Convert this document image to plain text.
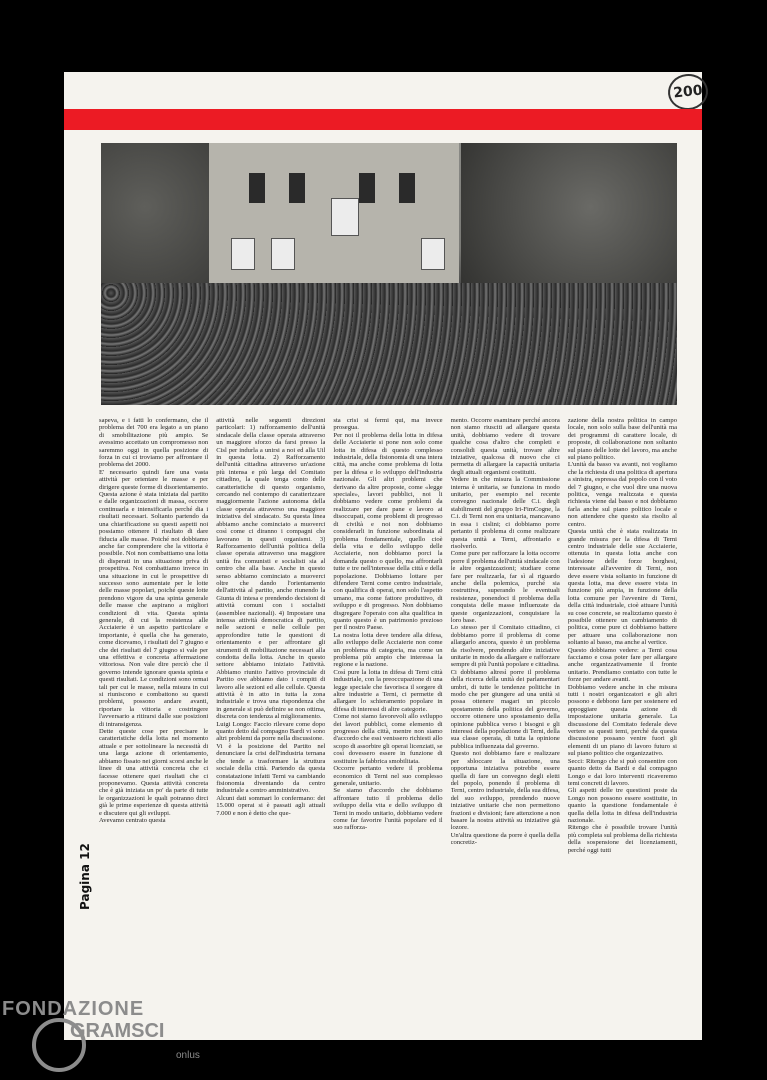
200
sapeva, e i fatti lo confermano, che il problema dei 700 era legato a un piano di smobilitazione più ampio. Se avessimo accettato un compromesso non saremmo oggi in quella posizione di forza in cui ci troviamo per affrontare il problema dei 2000.
E' necessario quindi fare una vasta attività per orientare le masse e per dirigere queste forme di disorientamento. Questa azione è stata iniziata dal partito e dalle organizzazioni di massa, occorre continuarla e intensificarla perché dia i risultati necessari. Soltanto partendo da una chiarificazione su questi aspetti noi possiamo ottenere il risultato di dare fiducia alle masse. Poiché noi dobbiamo anche far comprendere che la vittoria è possibile. Noi non combattiamo una lotta di disperati in una situazione priva di prospettiva. Noi combattiamo invece in una situazione in cui le prospettive di successo sono aumentate per le lotte delle masse popolari, poiché queste lotte prendono vigore da una spinta generale delle masse che aspirano a migliori condizioni di vita. Questa spinta generale, di cui la resistenza alle Acciaierie è un aspetto particolare e importante, è quella che ha generato, come dicevamo, i risultati del 7 giugno e che dei risultati del 7 giugno si vale per una effettiva e concreta affermazione vittoriosa. Non vale dire perciò che il governo intende ignorare questa spinta e questi risultati. Le condizioni sono ormai tali per cui le masse, nella misura in cui si riuniscono e combattono su questi problemi, possono andare avanti, riportare la vittoria e costringere l'avversario a ritirarsi dalle sue posizioni di intransigenza.
Dette queste cose per precisare le caratteristiche della lotta nel momento attuale e per sottolineare la necessità di una larga azione di orientamento, abbiamo fissato nei giorni scorsi anche le linee di una attività concreta che ci facesse ottenere quei risultati che ci proponevamo. Questa attività concreta che è già iniziata un po' da parte di tutte le organizzazioni le quali potranno dirci già le prime esperienze di questa attività e discutere qui gli sviluppi.
Avevamo centrato questa
attività nelle seguenti direzioni particolari: 1) rafforzamento dell'unità sindacale della classe operaia attraverso un maggiore sforzo da farsi presso la Cisl per indurla a unirsi a noi ed alla Uil in questa lotta. 2) Rafforzamento dell'unità cittadina attraverso un'azione più intensa e più larga del Comitato cittadino, la quale tenga conto delle caratteristiche di questo organismo, cercando nel contempo di caratterizzare maggiormente l'azione autonoma della classe operaia attraverso una maggiore iniziativa del sindacato. Su questa linea abbiamo anche cominciato a muoverci così come ci diranno i compagni che lavorano in questi organismi. 3) Rafforzamento dell'unità politica della classe operaia attraverso una maggiore unità fra comunisti e socialisti sia al centro che alla base. Anche in questo senso abbiamo cominciato a muoverci oltre che dando l'orientamento dell'attività al partito, anche riunendo la Giunta di intesa e prendendo decisioni di attività comuni con i socialisti (assemblee nazionali). 4) Impostare una intensa attività democratica di partito, nelle sezioni e nelle cellule per approfondire tutte le questioni di orientamento e per affrontare gli strumenti di mobilitazione necessari alla condotta della lotta. Anche in questo settore abbiamo iniziato l'attività. Abbiamo riunito l'attivo provinciale di Partito ove abbiamo dato i compiti di lavoro alle sezioni ed alle cellule. Questa attività è in atto in tutta la zona industriale e trova una rispondenza che in generale si può definire se non ottima, discreta con tendenza al miglioramento.
Luigi Longo: Faccio rilevare come dopo quanto detto dal compagno Bardi vi sono altri problemi da porre nella discussione.
Vi è la posizione del Partito nel denunciare la crisi dell'industria ternana che tende a trasformare la struttura sociale della città. Partendo da questa constatazione infatti Terni va cambiando fisionomia diventando da centro industriale a centro amministrativo.
Alcuni dati sommari lo confermano: dei 15.000 operai si è passati agli attuali 7.000 e non è detto che que-
sta crisi si fermi qui, ma invece prosegua.
Per noi il problema della lotta in difesa delle Acciaierie si pone non solo come lotta in difesa di questo complesso industriale, della fisionomia di una intera città, ma anche come problema di lotta per la difesa e lo sviluppo dell'industria nazionale. Gli altri problemi che derivano da altre proposte, come «legge speciale», lavori pubblici, noi li dobbiamo vedere come problemi da realizzare per dare pane e lavoro ai disoccupati, come problemi di progresso di civiltà e noi non dobbiamo considerarli in funzione subordinata al problema fondamentale, quello cioè della vita e dello sviluppo delle Acciaierie, non dobbiamo porci la domanda questo o quello, ma affrontarli tutte e tre nell'interesse della città e della popolazione. Dobbiamo lottare per difendere Terni come centro industriale, con qualifica di operai, non solo l'aspetto umano, ma come fattore produttivo, di sviluppo e di progresso. Non dobbiamo disgregare l'operaio con alta qualifica in quanto questo è un patrimonio prezioso per il nostro Paese.
La nostra lotta deve tendere alla difesa, allo sviluppo delle Acciaierie non come un problema di categoria, ma come un problema più ampio che interessa la regione e la nazione.
Così pure la lotta in difesa di Terni città industriale, con la preoccupazione di una legge speciale che favorisca il sorgere di altre industrie a Terni, ci permette di allargare lo schieramento popolare in difesa di interessi di altre categorie.
Come noi siamo favorevoli allo sviluppo dei lavori pubblici, come elemento di progresso della città, mentre non siamo d'accordo che essi venissero richiesti allo scopo di assorbire gli operai licenziati, se così dovessero essere in funzione di sostituire la fabbrica smobilitata.
Occorre pertanto vedere il problema economico di Terni nel suo complesso generale, unitario.
Se siamo d'accordo che dobbiamo affrontare tutto il problema dello sviluppo della vita e dello sviluppo di Terni in modo unitario, dobbiamo vedere come far favorire l'unità popolare ed il suo rafforza-
mento. Occorre esaminare perché ancora non siamo riusciti ad allargare questa unità, dobbiamo vedere di trovare qualche cosa d'altro che completi e consolidi questa unità, trovare altre iniziative, qualcosa di nuovo che ci permetta di allargare la capacità unitaria degli attuali organismi costituiti.
Vedere in che misura la Commissione interna è unitaria, se funziona in modo unitario, per esempio nel recente convegno nazionale delle C.i. degli stabilimenti del gruppo Iri-FimCogne, la C.i. di Terni non era unitaria, mancavano in essa i cislini; ci dobbiamo porre pertanto il problema di come realizzare questa unità a Terni, affrontarlo e risolverlo.
Come pure per rafforzare la lotta occorre porre il problema dell'unità sindacale con le altre organizzazioni; studiare come fare per realizzarla, far sì al riguardo anche della polemica, purché sia costruttiva, superando le eventuali resistenze, ponendoci il problema della conquista delle masse influenzate da queste organizzazioni, conquistare la loro base.
Lo stesso per il Comitato cittadino, ci dobbiamo porre il problema di come allargarlo ancora, questo è un problema da risolvere, prendendo altre iniziative unitarie in modo da allargare e rafforzare sempre di più l'unità popolare e cittadina.
Ci dobbiamo altresì porre il problema della ricerca della unità dei parlamentari umbri, di tutte le tendenze politiche in modo che per giungere ad una unità si possa ottenere magari un piccolo spostamento della politica del governo, occorre ottenere uno spostamento della opinione pubblica verso i bisogni e gli interessi della popolazione di Terni, della sua classe operaia, di tutta la opinione pubblica influenzata dal governo.
Questo noi dobbiamo fare e realizzare per sbloccare la situazione, una opportuna iniziativa potrebbe essere quella di fare un convegno degli eletti del popolo, ponendo il problema di Terni, centro industriale, della sua difesa, del suo sviluppo, prendendo nuove iniziative unitarie che non permettono frazioni e divisioni; fare attenzione a non basare la nostra attività su iniziative già lozore.
Un'altra questione da porre è quella della concretiz-
zazione della nostra politica in campo locale, non solo sulla base dell'unità ma dei programmi di carattere locale, di proposte, di collaborazione non soltanto sul piano delle lotte del lavoro, ma anche sul piano politico.
L'unità da basso va avanti, noi vogliamo che la richiesta di una politica di apertura a sinistra, espressa dal popolo con il voto del 7 giugno, e che vuol dire una nuova politica, venga realizzata e questa richiesta viene dal basso e noi dobbiamo farla anche sul piano politico locale e non attendere che questo sia risolto al centro.
Questa unità che è stata realizzata in grande misura per la difesa di Terni centro industriale delle sue Acciaierie, ottenuta in questa lotta anche con l'adesione delle forze borghesi, interessate all'avvenire di Terni, non deve essere vista soltanto in funzione di questa lotta, ma deve essere vista in funzione più ampia, in funzione della lotta comune per l'avvenire di Terni, della città industriale, cioè attuare l'unità su cose concrete, se realizziamo questo è possibile ottenere un cambiamento di politica, come pure ci dobbiamo battere per attuare una collaborazione non soltanto al basso, ma anche al vertice.
Questo dobbiamo vedere: a Terni cosa facciamo e cosa poter fare per allargare anche organizzativamente il fronte unitario. Prendiamo contatto con tutte le forze per andare avanti.
Dobbiamo vedere anche in che misura tutti i nostri organizzatori e gli altri possono e debbono fare per sostenere ed appoggiare questa azione di impostazione unitaria generale. La discussione del Comitato federale deve vertere su questi temi, perché da questa discussione possano venire fuori gli elementi di un piano di lavoro futuro si sul piano politico che organizzativo.
Secci: Ritengo che si può consentire con quanto detto da Bardi e dal compagno Longo e dai loro interventi ricaveremo temi concreti di lavoro.
Gli aspetti delle tre questioni poste da Longo non possono essere sostituite, in quanto la questione fondamentale è quella della lotta in difesa dell'industria nazionale.
Ritengo che è possibile trovare l'unità più completa sul problema della richiesta della sospensione dei licenziamenti, perché oggi tutti
Pagina 12
FONDAZIONE
GRAMSCI
onlus
